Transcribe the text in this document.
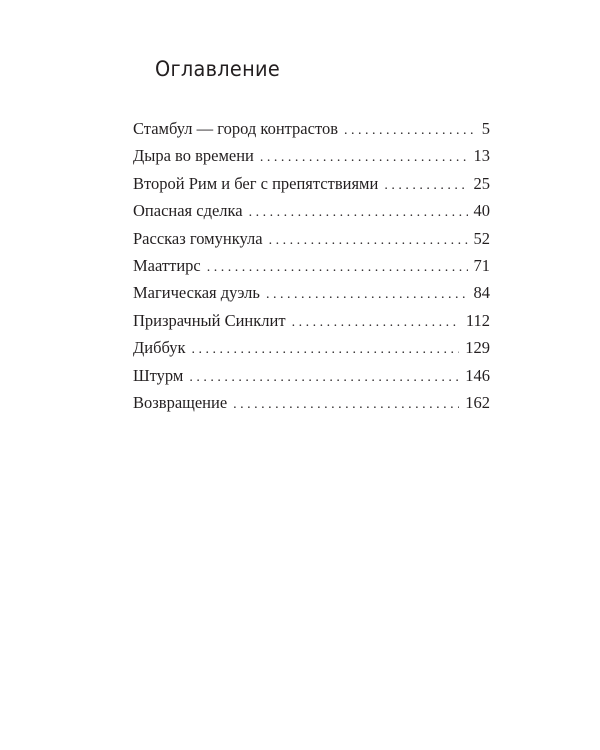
Оглавление
Стамбул — город контрастов . . .	5
Дыра во времени . . .	13
Второй Рим и бег с препятствиями . . .	25
Опасная сделка . . .	40
Рассказ гомункула . . .	52
Мааттирс . . .	71
Магическая дуэль . . .	84
Призрачный Синклит . . .	112
Диббук . . .	129
Штурм . . .	146
Возвращение . . .	162
